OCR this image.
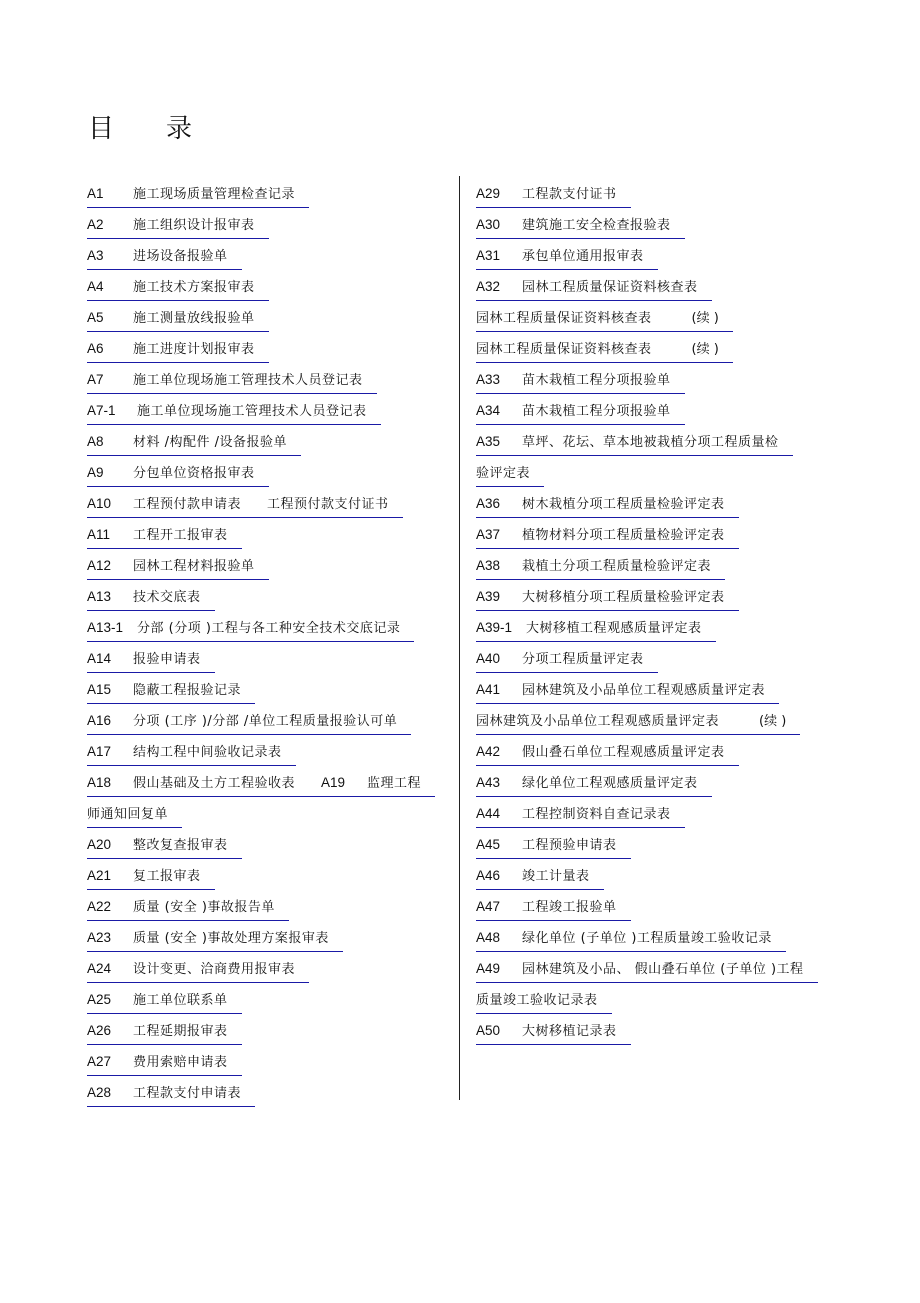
目 录
A1 施工现场质量管理检查记录
A2 施工组织设计报审表
A3 进场设备报验单
A4 施工技术方案报审表
A5 施工测量放线报验单
A6 施工进度计划报审表
A7 施工单位现场施工管理技术人员登记表
A7-1 施工单位现场施工管理技术人员登记表
A8 材料 /构配件 /设备报验单
A9 分包单位资格报审表
A10 工程预付款申请表 工程预付款支付证书
A11 工程开工报审表
A12 园林工程材料报验单
A13 技术交底表
A13-1 分部 (分项 )工程与各工种安全技术交底记录
A14 报验申请表
A15 隐蔽工程报验记录
A16 分项 (工序 )/分部 /单位工程质量报验认可单
A17 结构工程中间验收记录表
A18 假山基础及土方工程验收表 A19 监理工程
师通知回复单
A20 整改复查报审表
A21 复工报审表
A22 质量 (安全 )事故报告单
A23 质量 (安全 )事故处理方案报审表
A24 设计变更、洽商费用报审表
A25 施工单位联系单
A26 工程延期报审表
A27 费用索赔申请表
A28 工程款支付申请表
A29 工程款支付证书
A30 建筑施工安全检查报验表
A31 承包单位通用报审表
A32 园林工程质量保证资料核查表
园林工程质量保证资料核查表	(续 )
园林工程质量保证资料核查表	(续 )
A33 苗木栽植工程分项报验单
A34 苗木栽植工程分项报验单
A35 草坪、花坛、草本地被栽植分项工程质量检
验评定表
A36 树木栽植分项工程质量检验评定表
A37 植物材料分项工程质量检验评定表
A38 栽植土分项工程质量检验评定表
A39 大树移植分项工程质量检验评定表
A39-1 大树移植工程观感质量评定表
A40 分项工程质量评定表
A41 园林建筑及小品单位工程观感质量评定表
园林建筑及小品单位工程观感质量评定表	(续 )
A42 假山叠石单位工程观感质量评定表
A43 绿化单位工程观感质量评定表
A44 工程控制资料自查记录表
A45 工程预验申请表
A46 竣工计量表
A47 工程竣工报验单
A48 绿化单位 (子单位 )工程质量竣工验收记录
A49 园林建筑及小品、 假山叠石单位 (子单位 )工程
质量竣工验收记录表
A50 大树移植记录表
